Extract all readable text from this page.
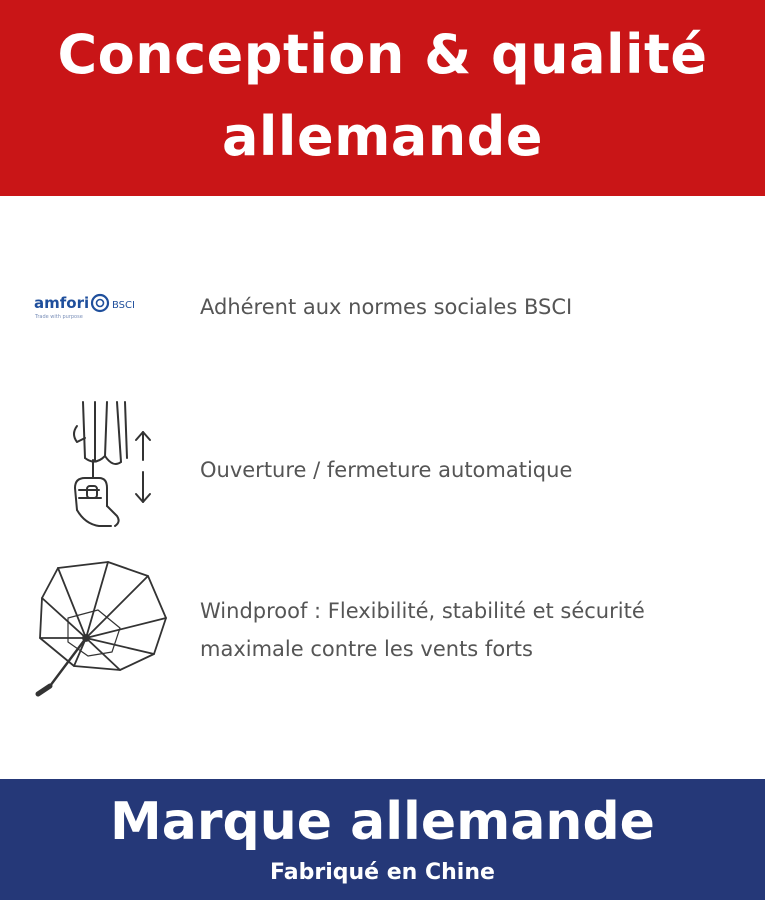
Conception & qualité
allemande
amfori BSCI
Trade with purpose	Adhérent aux normes sociales BSCI
Ouverture / fermeture automatique
Windproof : Flexibilité, stabilité et sécurité
maximale contre les vents forts
Marque allemande
Fabriqué en Chine
